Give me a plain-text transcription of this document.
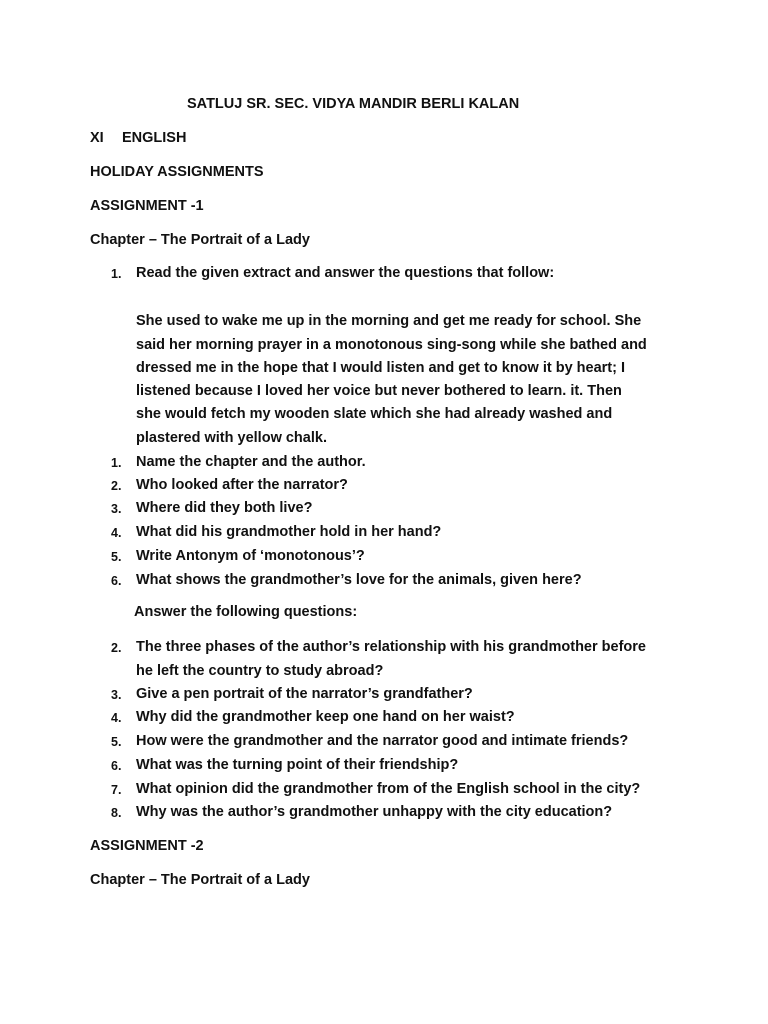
SATLUJ SR. SEC. VIDYA MANDIR BERLI KALAN
XI ENGLISH
HOLIDAY ASSIGNMENTS
ASSIGNMENT -1
Chapter – The Portrait of a Lady
1. Read the given extract and answer the questions that follow:
She used to wake me up in the morning and get me ready for school. She
said her morning prayer in a monotonous sing-song while she bathed and
dressed me in the hope that I would listen and get to know it by heart; I
listened because I loved her voice but never bothered to learn. it. Then
she would fetch my wooden slate which she had already washed and
plastered with yellow chalk.
1. Name the chapter and the author.
2. Who looked after the narrator?
3. Where did they both live?
4. What did his grandmother hold in her hand?
5. Write Antonym of ‘monotonous’?
6. What shows the grandmother’s love for the animals, given here?
Answer the following questions:
2. The three phases of the author’s relationship with his grandmother before
he left the country to study abroad?
3. Give a pen portrait of the narrator’s grandfather?
4. Why did the grandmother keep one hand on her waist?
5. How were the grandmother and the narrator good and intimate friends?
6. What was the turning point of their friendship?
7. What opinion did the grandmother from of the English school in the city?
8. Why was the author’s grandmother unhappy with the city education?
ASSIGNMENT -2
Chapter – The Portrait of a Lady
